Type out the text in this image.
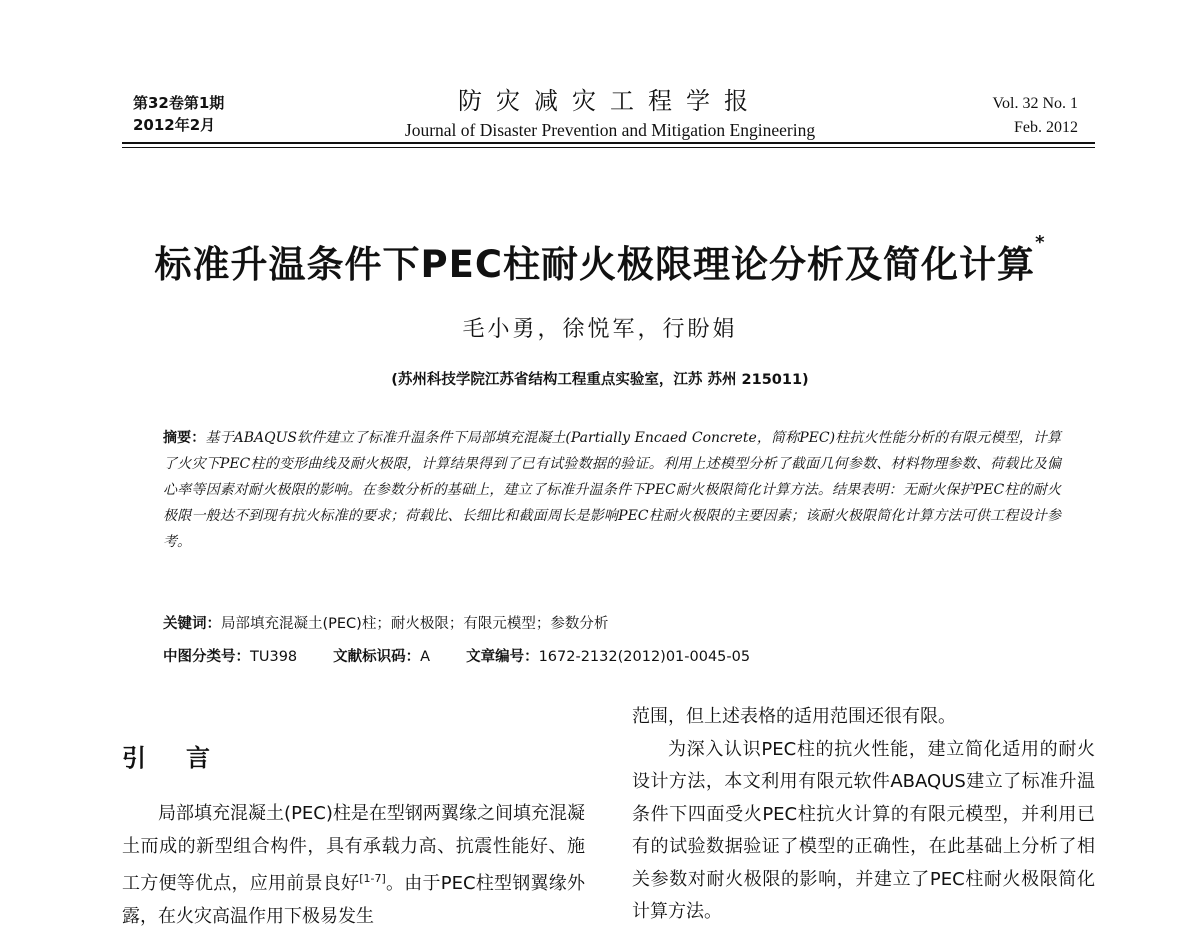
第32卷第1期
2012年2月
防灾减灾工程学报
Journal of Disaster Prevention and Mitigation Engineering
Vol. 32 No. 1
Feb. 2012
标准升温条件下PEC柱耐火极限理论分析及简化计算*
毛小勇，徐悦军，行盼娟
(苏州科技学院江苏省结构工程重点实验室，江苏 苏州 215011)
摘要：基于ABAQUS软件建立了标准升温条件下局部填充混凝土(Partially Encaed Concrete，简称PEC)柱抗火性能分析的有限元模型，计算了火灾下PEC柱的变形曲线及耐火极限，计算结果得到了已有试验数据的验证。利用上述模型分析了截面几何参数、材料物理参数、荷载比及偏心率等因素对耐火极限的影响。在参数分析的基础上，建立了标准升温条件下PEC耐火极限简化计算方法。结果表明：无耐火保护PEC柱的耐火极限一般达不到现有抗火标准的要求；荷载比、长细比和截面周长是影响PEC柱耐火极限的主要因素；该耐火极限简化计算方法可供工程设计参考。
关键词：局部填充混凝土(PEC)柱；耐火极限；有限元模型；参数分析
中图分类号：TU398 文献标识码：A 文章编号：1672-2132(2012)01-0045-05
引言

局部填充混凝土(PEC)柱是在型钢两翼缘之间填充混凝土而成的新型组合构件，具有承载力高、抗震性能好、施工方便等优点，应用前景良好[1-7]。由于PEC柱型钢翼缘外露，在火灾高温作用下极易发生

范围，但上述表格的适用范围还很有限。

为深入认识PEC柱的抗火性能，建立简化适用的耐火设计方法，本文利用有限元软件ABAQUS建立了标准升温条件下四面受火PEC柱抗火计算的有限元模型，并利用已有的试验数据验证了模型的正确性，在此基础上分析了相关参数对耐火极限的影响，并建立了PEC柱耐火极限简化计算方法。
